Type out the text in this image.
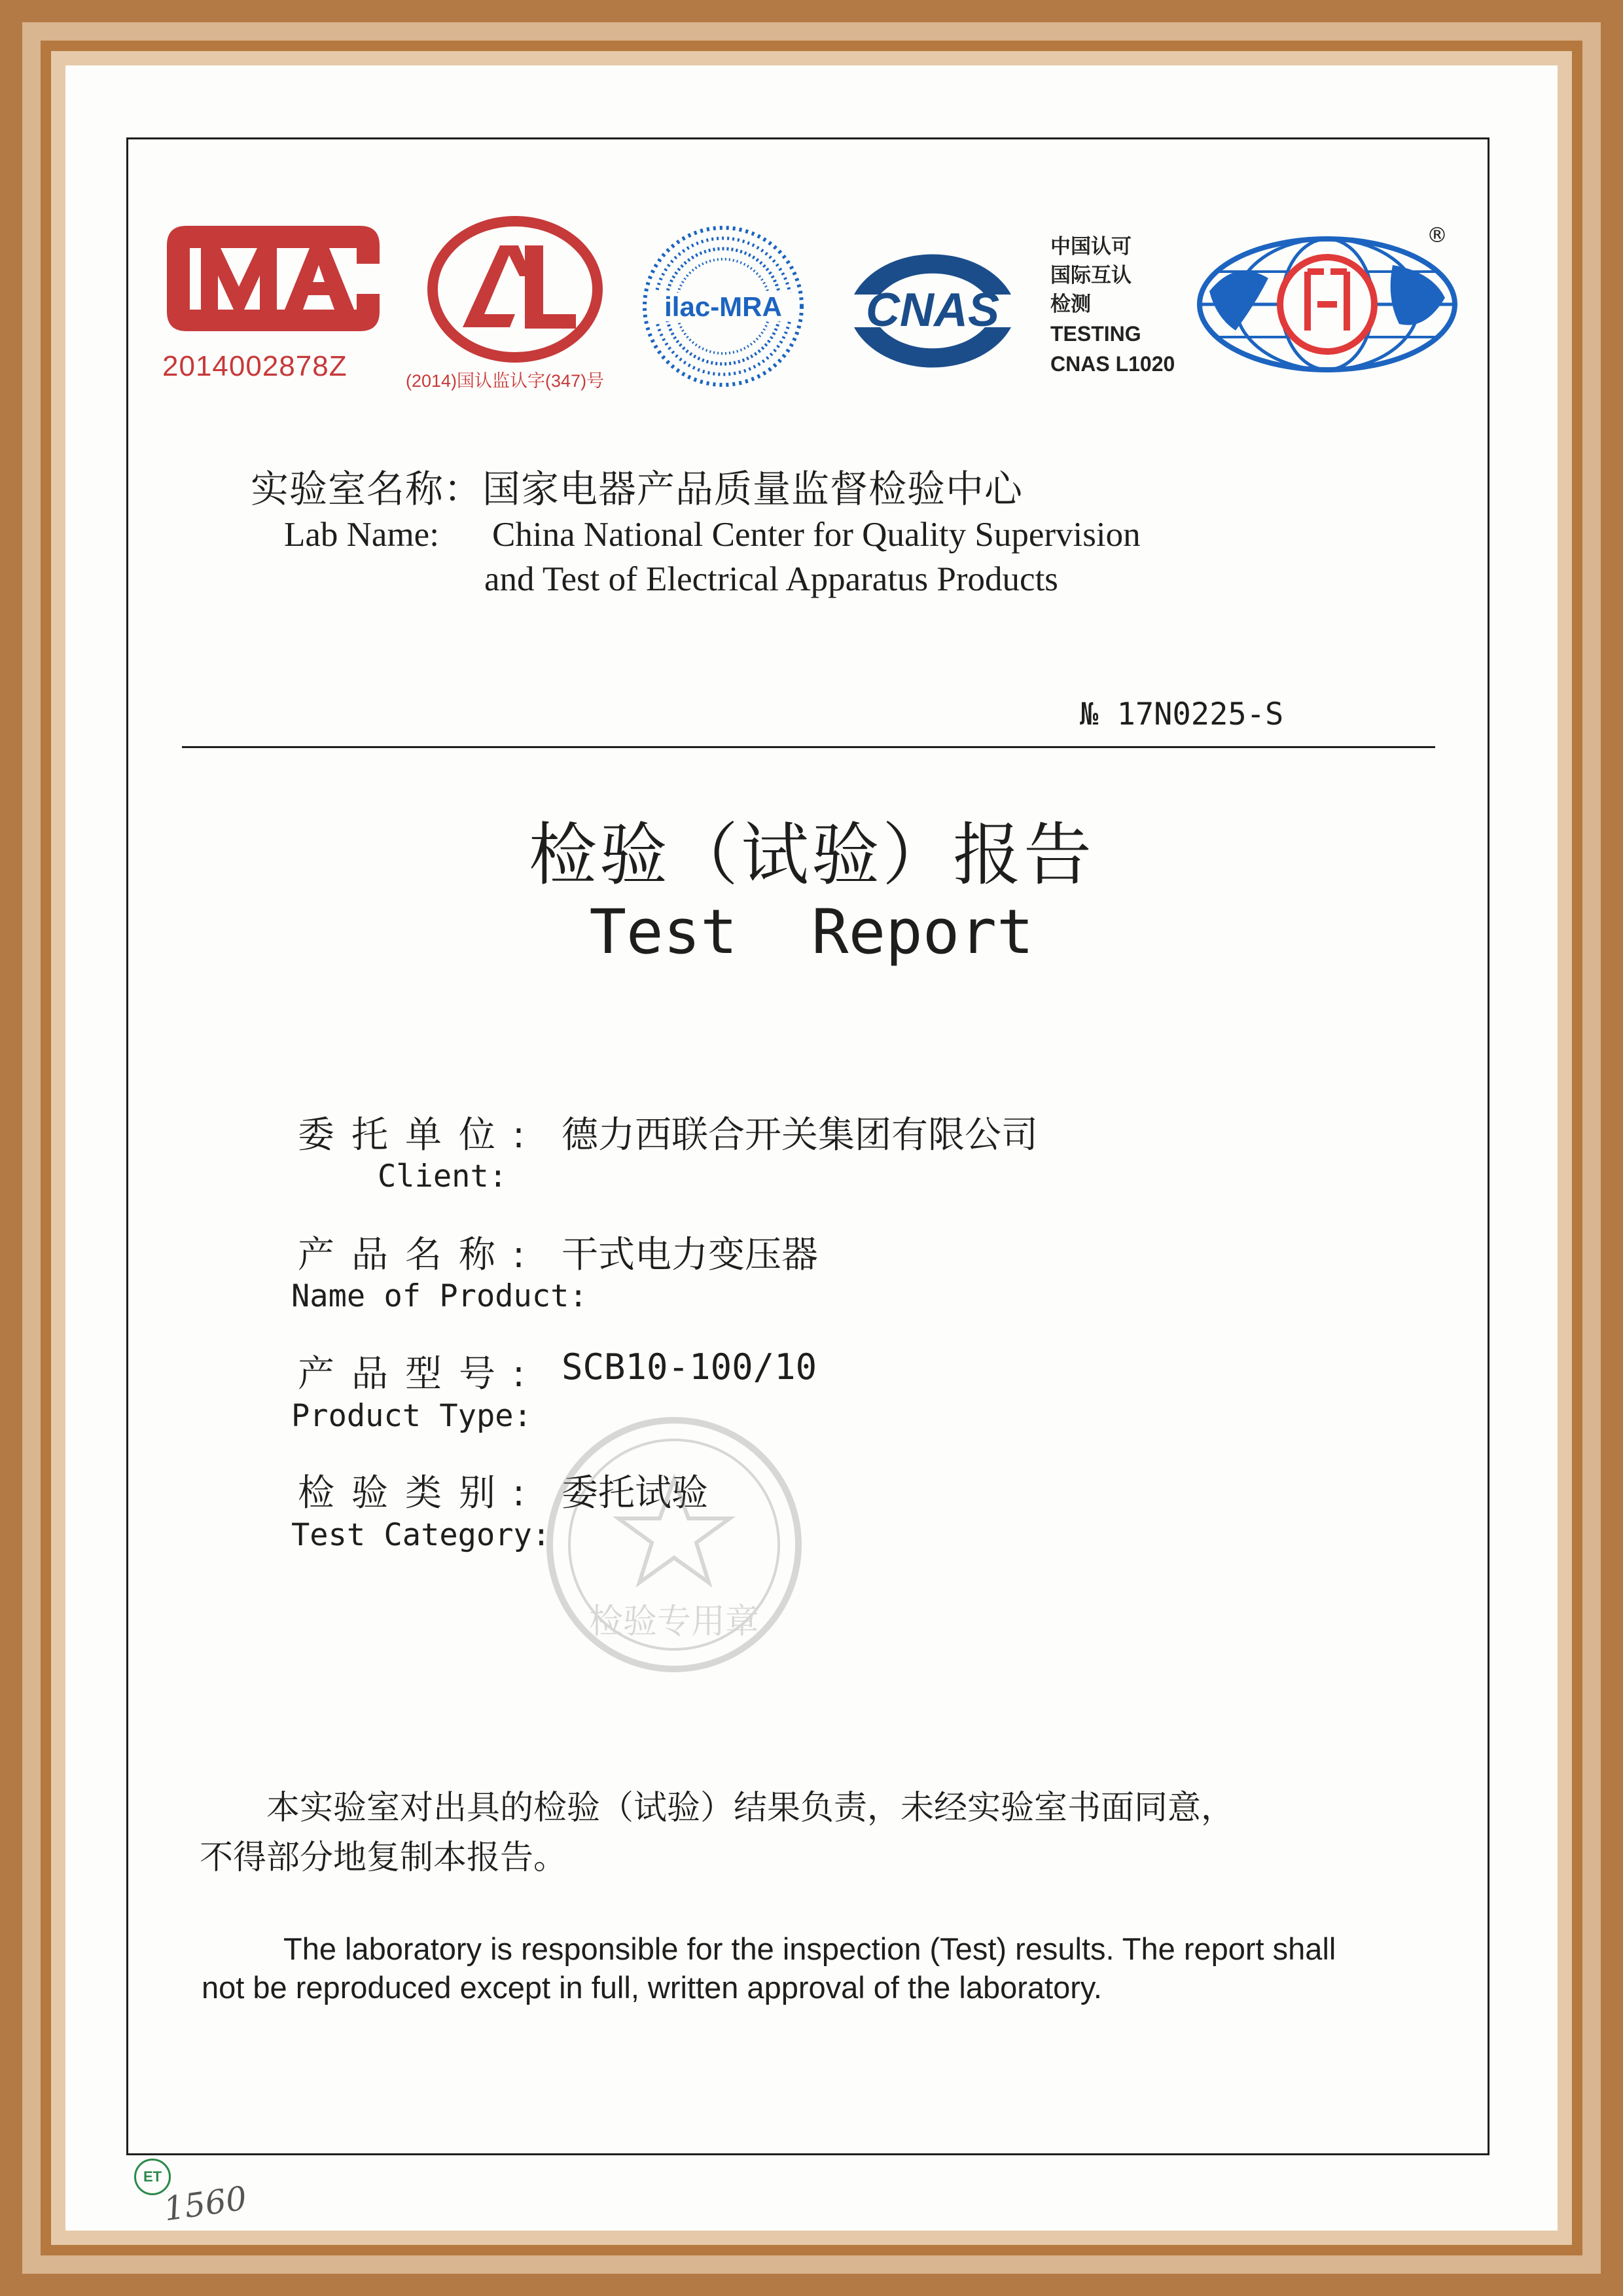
2014002878Z	(2014)国认监认字(347)号
ilac-MRA CNAS
中国认可
国际互认
检测
TESTING
CNAS L1020
®
实验室名称：国家电器产品质量监督检验中心
Lab Name: China National Center for Quality Supervision
and Test of Electrical Apparatus Products
№ 17N0225-S
检验（试验）报告
Test  Report
委托单位: 德力西联合开关集团有限公司
Client:
产品名称: 干式电力变压器
Name of Product:
产品型号: SCB10-100/10
Product Type:
检验类别: 委托试验
Test Category:
检验专用章
本实验室对出具的检验（试验）结果负责，未经实验室书面同意，
不得部分地复制本报告。
The laboratory is responsible for the inspection (Test) results. The report shall
not be reproduced except in full, written approval of the laboratory.
ET
1560
